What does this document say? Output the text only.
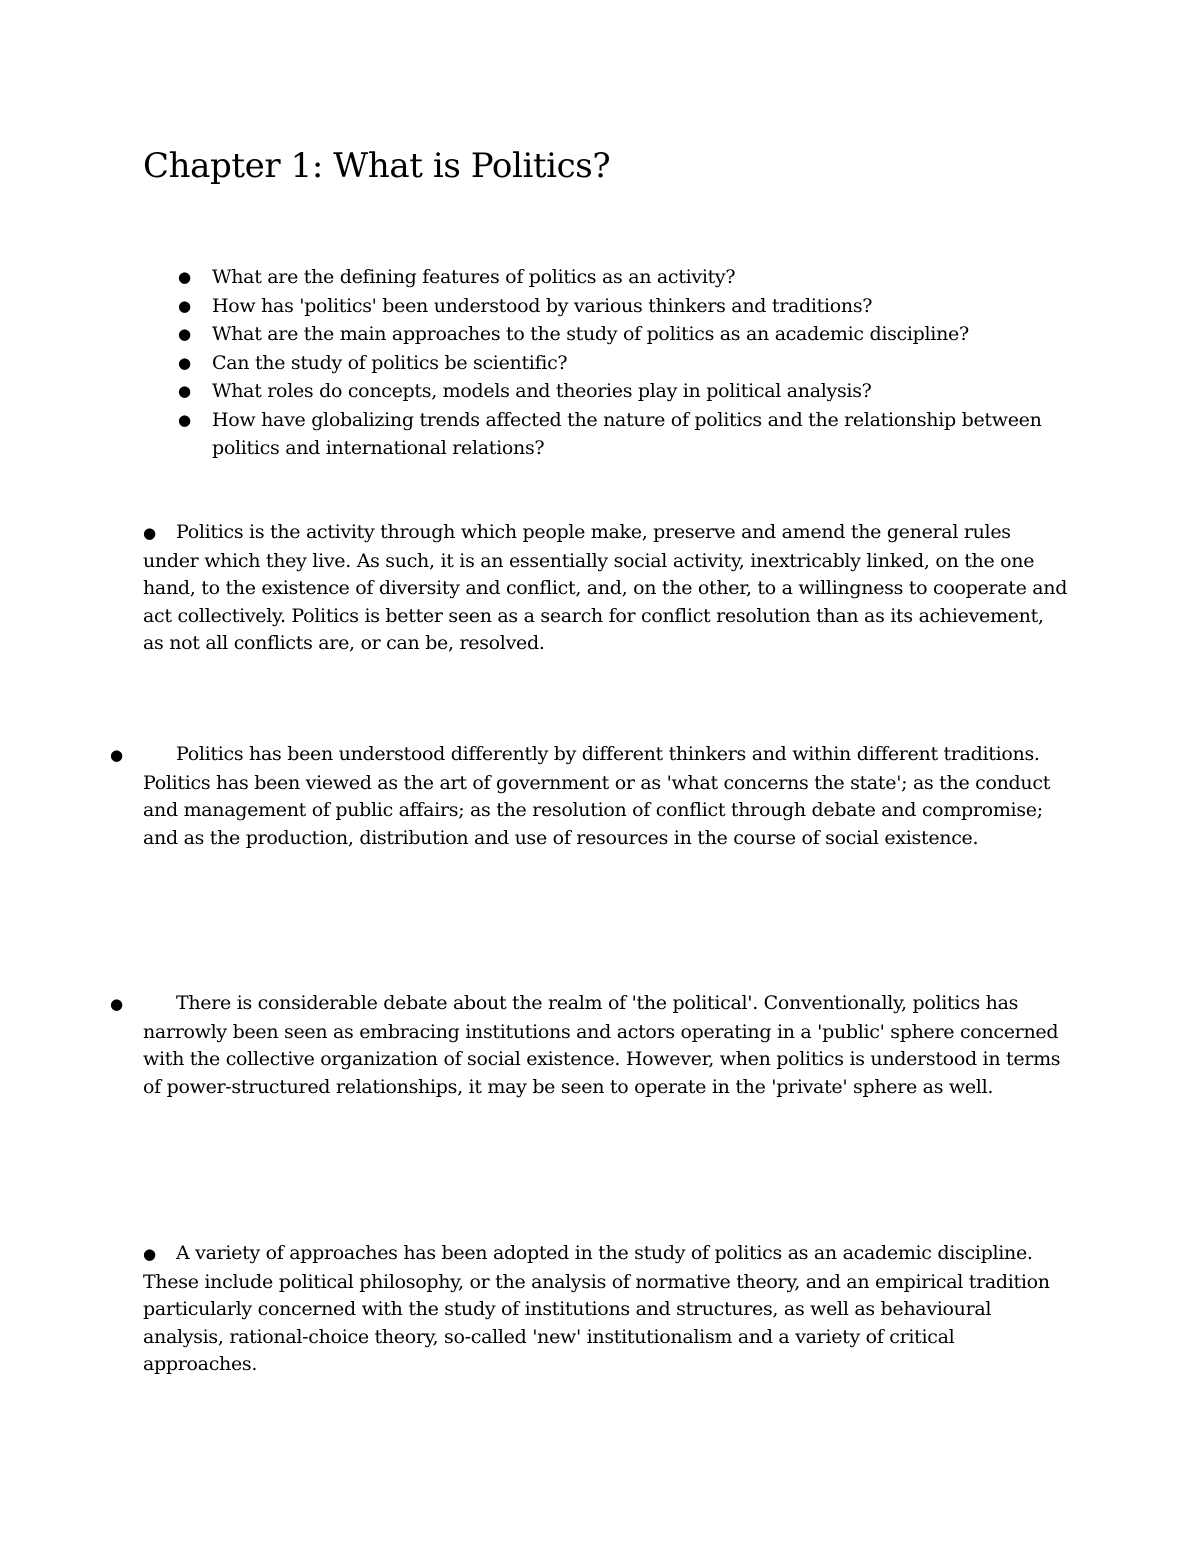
Chapter 1: What is Politics?
● What are the defining features of politics as an activity?
● How has 'politics' been understood by various thinkers and traditions?
● What are the main approaches to the study of politics as an academic discipline?
● Can the study of politics be scientific?
● What roles do concepts, models and theories play in political analysis?
● How have globalizing trends affected the nature of politics and the relationship between politics and international relations?
● Politics is the activity through which people make, preserve and amend the general rules under which they live. As such, it is an essentially social activity, inextricably linked, on the one hand, to the existence of diversity and conflict, and, on the other, to a willingness to cooperate and act collectively. Politics is better seen as a search for conflict resolution than as its achievement, as not all conflicts are, or can be, resolved.
●	Politics has been understood differently by different thinkers and within different traditions.
Politics has been viewed as the art of government or as 'what concerns the state'; as the conduct and management of public affairs; as the resolution of conflict through debate and compromise; and as the production, distribution and use of resources in the course of social existence.
●	There is considerable debate about the realm of 'the political'. Conventionally, politics has
narrowly been seen as embracing institutions and actors operating in a 'public' sphere concerned with the collective organization of social existence. However, when politics is understood in terms of power-structured relationships, it may be seen to operate in the 'private' sphere as well.
● A variety of approaches has been adopted in the study of politics as an academic discipline. These include political philosophy, or the analysis of normative theory, and an empirical tradition particularly concerned with the study of institutions and structures, as well as behavioural analysis, rational-choice theory, so-called 'new' institutionalism and a variety of critical approaches.
